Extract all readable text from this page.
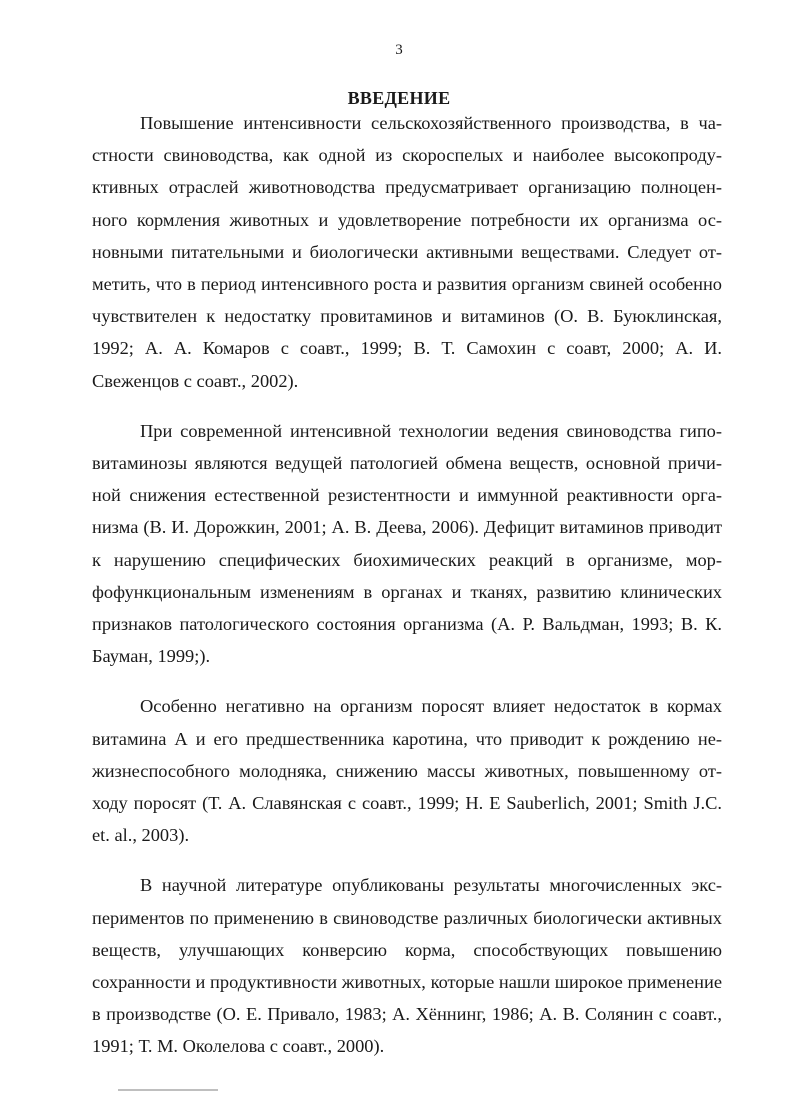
3
ВВЕДЕНИЕ

Повышение интенсивности сельскохозяйственного производства, в частности свиноводства, как одной из скороспелых и наиболее высокопродуктивных отраслей животноводства предусматривает организацию полноценного кормления животных и удовлетворение потребности их организма основными питательными и биологически активными веществами. Следует отметить, что в период интенсивного роста и развития организм свиней особенно чувствителен к недостатку провитаминов и витаминов (О. В. Буюклинская, 1992; А. А. Комаров с соавт., 1999; В. Т. Самохин с соавт, 2000; А. И. Свеженцов с соавт., 2002).

При современной интенсивной технологии ведения свиноводства гиповитаминозы являются ведущей патологией обмена веществ, основной причиной снижения естественной резистентности и иммунной реактивности организма (В. И. Дорожкин, 2001; А. В. Деева, 2006). Дефицит витаминов приводит к нарушению специфических биохимических реакций в организме, морфофункциональным изменениям в органах и тканях, развитию клинических признаков патологического состояния организма (А. Р. Вальдман, 1993; В. К. Бауман, 1999;).

Особенно негативно на организм поросят влияет недостаток в кормах витамина А и его предшественника каротина, что приводит к рождению нежизнеспособного молодняка, снижению массы животных, повышенному отходу поросят (Т. А. Славянская с соавт., 1999; Н. Е Sauberlich, 2001; Smith J.C. et. al., 2003).

В научной литературе опубликованы результаты многочисленных экспериментов по применению в свиноводстве различных биологически активных веществ, улучшающих конверсию корма, способствующих повышению сохранности и продуктивности животных, которые нашли широкое применение в производстве (О. Е. Привало, 1983; А. Хённинг, 1986; А. В. Солянин с соавт., 1991; Т. М. Околелова с соавт., 2000).
